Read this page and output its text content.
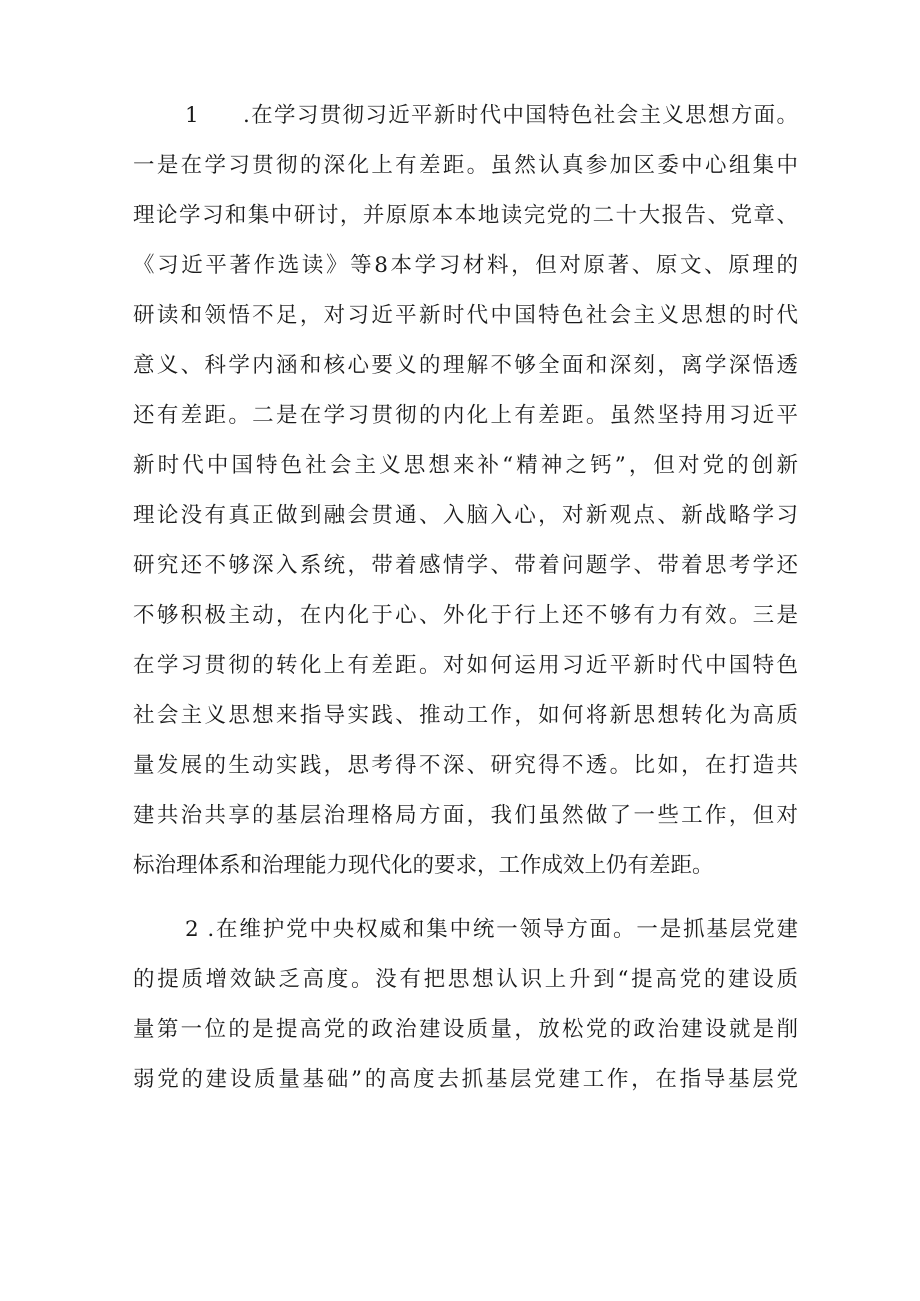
1 .在学习贯彻习近平新时代中国特色社会主义思想方面。
一是在学习贯彻的深化上有差距。虽然认真参加区委中心组集中
理论学习和集中研讨，并原原本本地读完党的二十大报告、党章、
《习近平著作选读》等8本学习材料，但对原著、原文、原理的
研读和领悟不足，对习近平新时代中国特色社会主义思想的时代
意义、科学内涵和核心要义的理解不够全面和深刻，离学深悟透
还有差距。二是在学习贯彻的内化上有差距。虽然坚持用习近平
新时代中国特色社会主义思想来补“精神之钙”，但对党的创新
理论没有真正做到融会贯通、入脑入心，对新观点、新战略学习
研究还不够深入系统，带着感情学、带着问题学、带着思考学还
不够积极主动，在内化于心、外化于行上还不够有力有效。三是
在学习贯彻的转化上有差距。对如何运用习近平新时代中国特色
社会主义思想来指导实践、推动工作，如何将新思想转化为高质
量发展的生动实践，思考得不深、研究得不透。比如，在打造共
建共治共享的基层治理格局方面，我们虽然做了一些工作，但对
标治理体系和治理能力现代化的要求，工作成效上仍有差距。
2 .在维护党中央权威和集中统一领导方面。一是抓基层党建
的提质增效缺乏高度。没有把思想认识上升到“提高党的建设质
量第一位的是提高党的政治建设质量，放松党的政治建设就是削
弱党的建设质量基础”的高度去抓基层党建工作，在指导基层党
